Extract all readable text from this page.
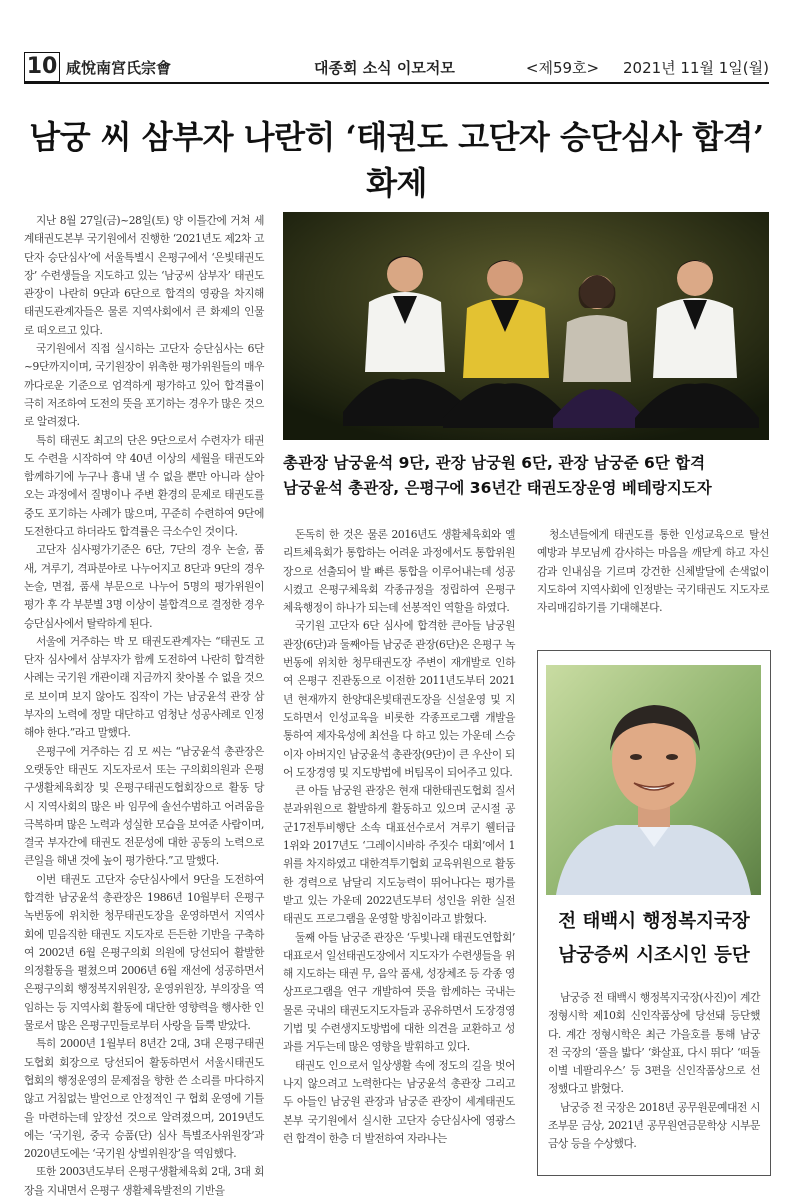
10 咸悅南宮氏宗會	대종회 소식 이모저모	<제59호> 2021년 11월 1일(월)
남궁 씨 삼부자 나란히 ‘태권도 고단자 승단심사 합격’ 화제

지난 8월 27일(금)~28일(토) 양 이틀간에 거쳐 세계태권도본부 국기원에서 진행한 ‘2021년도 제2차 고단자 승단심사’에 서울특별시 은평구에서 ‘은빛태권도장’ 수련생들을 지도하고 있는 ‘남궁씨 삼부자’ 태권도 관장이 나란히 9단과 6단으로 합격의 영광을 차지해 태권도관계자들은 물론 지역사회에서 큰 화제의 인물로 떠오르고 있다.

국기원에서 직접 실시하는 고단자 승단심사는 6단~9단까지이며, 국기원장이 위촉한 평가위원들의 매우 까다로운 기준으로 엄격하게 평가하고 있어 합격률이 극히 저조하여 도전의 뜻을 포기하는 경우가 많은 것으로 알려졌다.

특히 태권도 최고의 단은 9단으로서 수련자가 태권도 수련을 시작하여 약 40년 이상의 세월을 태권도와 함께하기에 누구나 흉내 낼 수 없을 뿐만 아니라 살아오는 과정에서 질병이나 주변 환경의 문제로 태권도를 중도 포기하는 사례가 많으며, 꾸준히 수련하여 9단에 도전한다고 하더라도 합격률은 극소수인 것이다.

고단자 심사평가기준은 6단, 7단의 경우 논술, 품새, 겨루기, 격파분야로 나누어지고 8단과 9단의 경우 논술, 면접, 품새 부문으로 나누어 5명의 평가위원이 평가 후 각 부분별 3명 이상이 불합격으로 결정한 경우 승단심사에서 탈락하게 된다.

서울에 거주하는 박 모 태권도관계자는 “태권도 고단자 심사에서 삼부자가 함께 도전하여 나란히 합격한 사례는 국기원 개관이래 지금까지 찾아볼 수 없을 것으로 보이며 보지 않아도 집작이 가는 남궁윤석 관장 삼부자의 노력에 정말 대단하고 엄청난 성공사례로 인정해야 한다.”라고 말했다.

은평구에 거주하는 김 모 씨는 “남궁윤석 총관장은 오랫동안 태권도 지도자로서 또는 구의회의원과 은평구생활체육회장 및 은평구태권도협회장으로 활동 당시 지역사회의 많은 바 임무에 솔선수범하고 어려움을 극복하며 많은 노력과 성실한 모습을 보여준 사람이며, 결국 부자간에 태권도 전문성에 대한 공동의 노력으로 큰일을 해낸 것에 높이 평가한다.”고 말했다.

이번 태권도 고단자 승단심사에서 9단을 도전하여 합격한 남궁윤석 총관장은 1986년 10월부터 은평구 녹번동에 위치한 청무태권도장을 운영하면서 지역사회에 믿음직한 태권도 지도자로 든든한 기반을 구축하여 2002년 6월 은평구의회 의원에 당선되어 활발한 의정활동을 펼쳤으며 2006년 6월 재선에 성공하면서 은평구의회 행정복지위원장, 운영위원장, 부의장을 역임하는 등 지역사회 활동에 대단한 영향력을 행사한 인물로서 많은 은평구민들로부터 사랑을 듬뿍 받았다.

특히 2000년 1월부터 8년간 2대, 3대 은평구태권도협회 회장으로 당선되어 활동하면서 서울시태권도협회의 행정운영의 문제점을 향한 쓴 소리를 마다하지 않고 거침없는 발언으로 안정적인 구 협회 운영에 기틀을 마련하는데 앞장선 것으로 알려졌으며, 2019년도에는 ‘국기원, 중국 승품(단) 심사 특별조사위원장’과 2020년도에는 ‘국기원 상벌위원장’을 역임했다.

또한 2003년도부터 은평구생활체육회 2대, 3대 회장을 지내면서 은평구 생활체육발전의 기반을

돈독히 한 것은 물론 2016년도 생활체육회와 엘리트체육회가 통합하는 어려운 과정에서도 통합위원장으로 선출되어 발 빠른 통합을 이루어내는데 성공시켰고 은평구체육회 각종규정을 정립하여 은평구 체육행정이 하나가 되는데 선봉적인 역할을 하였다.

국기원 고단자 6단 심사에 합격한 큰아들 남궁원관장(6단)과 둘째아들 남궁준 관장(6단)은 은평구 녹번동에 위치한 청무태권도장 주변이 재개발로 인하여 은평구 진관동으로 이전한 2011년도부터 2021년 현재까지 한양대은빛태권도장을 신설운영 및 지도하면서 인성교육을 비롯한 각종프로그램 개발을 통하여 제자육성에 최선을 다 하고 있는 가운데 스승이자 아버지인 남궁윤석 총관장(9단)이 큰 우산이 되어 도장경영 및 지도방법에 버팀목이 되어주고 있다.

큰 아들 남궁원 관장은 현재 대한태권도협회 질서분과위원으로 활발하게 활동하고 있으며 군시절 공군17전투비행단 소속 대표선수로서 겨루기 웰터급 1위와 2017년도 ‘그레이시바하 주짓수 대회’에서 1위를 차지하였고 대한격투기협회 교육위원으로 활동한 경력으로 남달리 지도능력이 뛰어나다는 평가를 받고 있는 가운데 2022년도부터 성인을 위한 실전태권도 프로그램을 운영할 방침이라고 밝혔다.

둘째 아들 남궁준 관장은 ‘두빛나래 태권도연합회’ 대표로서 일선태권도장에서 지도자가 수련생들을 위해 지도하는 태권 무, 음악 품새, 성장체조 등 각종 영상프로그램을 연구 개발하여 뜻을 함께하는 국내는 물론 국내의 태권도지도자들과 공유하면서 도장경영기법 및 수련생지도방법에 대한 의견을 교환하고 성과를 거두는데 많은 영향을 발휘하고 있다.

태권도 인으로서 일상생활 속에 정도의 길을 벗어나지 않으려고 노력한다는 남궁윤석 총관장 그리고 두 아들인 남궁원 관장과 남궁준 관장이 세계태권도본부 국기원에서 실시한 고단자 승단심사에 영광스런 합격이 한층 더 발전하여 자라나는

청소년들에게 태권도를 통한 인성교육으로 탈선예방과 부모님께 감사하는 마음을 깨닫게 하고 자신감과 인내심을 기르며 강건한 신체발달에 손색없이 지도하여 지역사회에 인정받는 국기태권도 지도자로 자리매김하기를 기대해본다.

총관장 남궁윤석 9단, 관장 남궁원 6단, 관장 남궁준 6단 합격
남궁윤석 총관장, 은평구에 36년간 태권도장운영 베테랑지도자
전 태백시 행정복지국장
남궁증씨 시조시인 등단

남궁증 전 태백시 행정복지국장(사진)이 계간 정형시학 제10회 신인작품상에 당선돼 등단했다. 계간 정형시학은 최근 가을호를 통해 남궁 전 국장의 ‘풀을 밟다’ ‘화살표, 다시 뛰다’ ‘떠돌이별 네팔리우스’ 등 3편을 신인작품상으로 선정했다고 밝혔다.

남궁증 전 국장은 2018년 공무원문예대전 시조부문 금상, 2021년 공무원연금문학상 시부문 금상 등을 수상했다.
